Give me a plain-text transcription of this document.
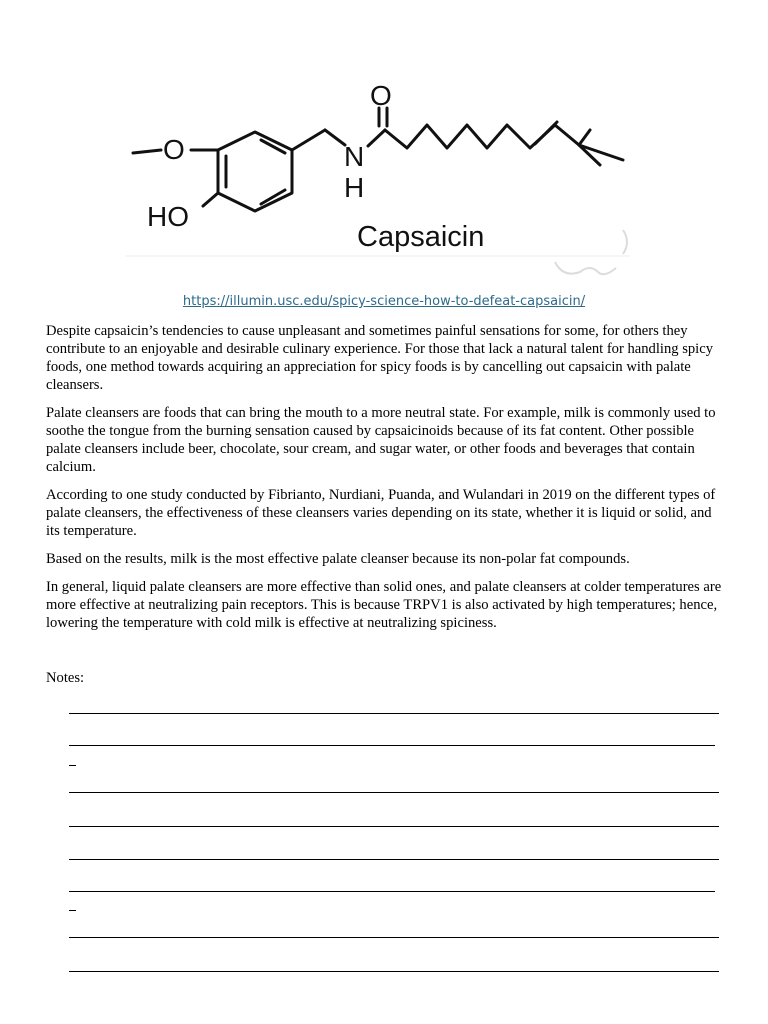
O
O
N
H
HO
Capsaicin
https://illumin.usc.edu/spicy-science-how-to-defeat-capsaicin/

Despite capsaicin’s tendencies to cause unpleasant and sometimes painful sensations for some, for others they contribute to an enjoyable and desirable culinary experience. For those that lack a natural talent for handling spicy foods, one method towards acquiring an appreciation for spicy foods is by cancelling out capsaicin with palate cleansers.

Palate cleansers are foods that can bring the mouth to a more neutral state. For example, milk is commonly used to soothe the tongue from the burning sensation caused by capsaicinoids because of its fat content. Other possible palate cleansers include beer, chocolate, sour cream, and sugar water, or other foods and beverages that contain calcium.

According to one study conducted by Fibrianto, Nurdiani, Puanda, and Wulandari in 2019 on the different types of palate cleansers, the effectiveness of these cleansers varies depending on its state, whether it is liquid or solid, and its temperature.

Based on the results, milk is the most effective palate cleanser because its non-polar fat compounds.

In general, liquid palate cleansers are more effective than solid ones, and palate cleansers at colder temperatures are more effective at neutralizing pain receptors. This is because TRPV1 is also activated by high temperatures; hence, lowering the temperature with cold milk is effective at neutralizing spiciness.

Notes:
